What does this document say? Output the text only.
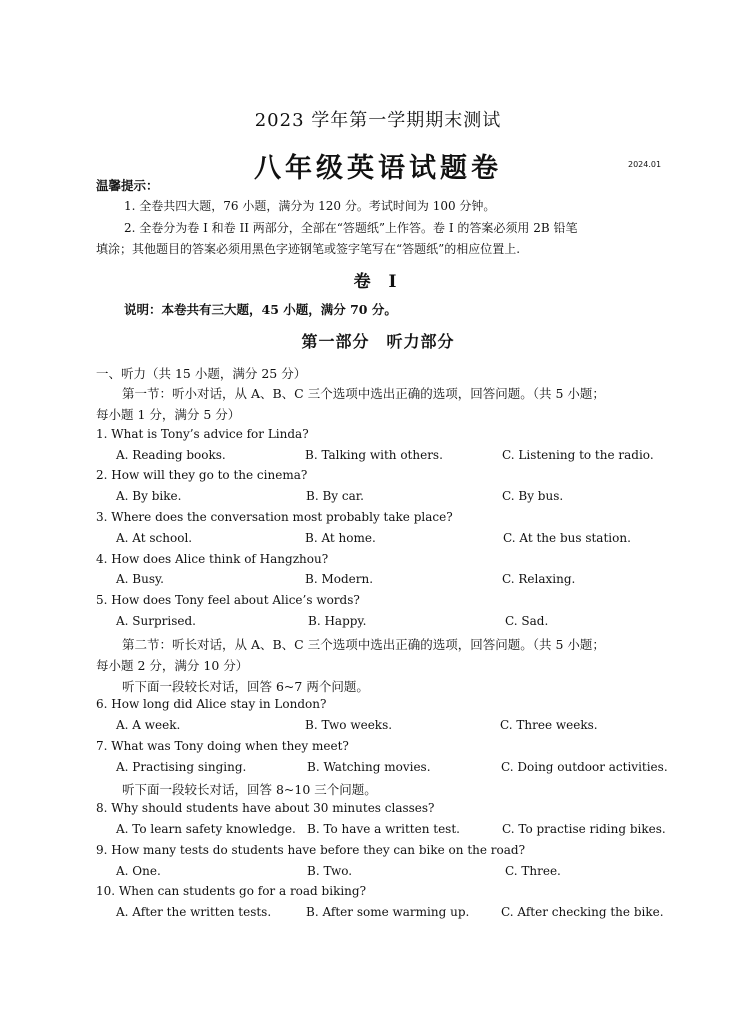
2023 学年第一学期期末测试
八年级英语试题卷	2024.01
温馨提示：
1. 全卷共四大题，76 小题，满分为 120 分。考试时间为 100 分钟。
2. 全卷分为卷 I 和卷 II 两部分，全部在“答题纸”上作答。卷 I 的答案必须用 2B 铅笔
填涂；其他题目的答案必须用黑色字迹钢笔或签字笔写在“答题纸”的相应位置上.
卷 I
说明：本卷共有三大题，45 小题，满分 70 分。
第一部分　听力部分
一、听力（共 15 小题，满分 25 分）
第一节：听小对话，从 A、B、C 三个选项中选出正确的选项，回答问题。（共 5 小题；
每小题 1 分，满分 5 分）
1. What is Tony’s advice for Linda?
A. Reading books.	B. Talking with others.	C. Listening to the radio.
2. How will they go to the cinema?
A. By bike.	B. By car.	C. By bus.
3. Where does the conversation most probably take place?
A. At school.	B. At home.	C. At the bus station.
4. How does Alice think of Hangzhou?
A. Busy.	B. Modern.	C. Relaxing.
5. How does Tony feel about Alice’s words?
A. Surprised.	B. Happy.	C. Sad.
第二节：听长对话，从 A、B、C 三个选项中选出正确的选项，回答问题。（共 5 小题；
每小题 2 分，满分 10 分）
听下面一段较长对话，回答 6~7 两个问题。
6. How long did Alice stay in London?
A. A week.	B. Two weeks.	C. Three weeks.
7. What was Tony doing when they meet?
A. Practising singing.	B. Watching movies.	C. Doing outdoor activities.
听下面一段较长对话，回答 8~10 三个问题。
8. Why should students have about 30 minutes classes?
A. To learn safety knowledge. B. To have a written test.	C. To practise riding bikes.
9. How many tests do students have before they can bike on the road?
A. One.	B. Two.	C. Three.
10. When can students go for a road biking?
A. After the written tests.	B. After some warming up.	C. After checking the bike.
